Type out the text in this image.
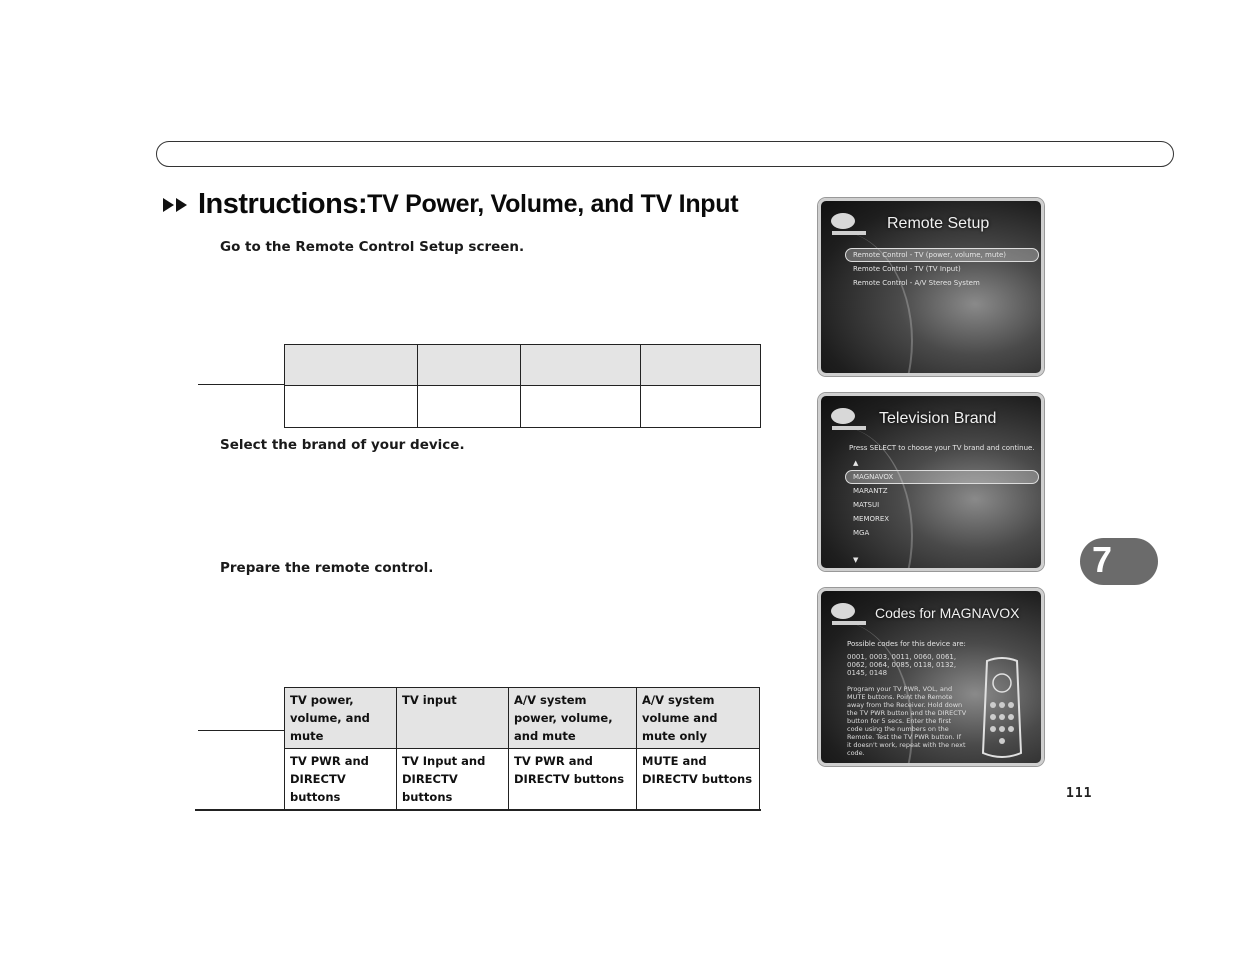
Instructions: TV Power, Volume, and TV Input
Go to the Remote Control Setup screen.

Select the brand of your device.
Prepare the remote control.
TV power, volume, and mute	TV input	A/V system power, volume, and mute	A/V system volume and mute only
TV PWR and DIRECTV buttons	TV Input and DIRECTV buttons	TV PWR and DIRECTV buttons	MUTE and DIRECTV buttons
Remote Setup
Remote Control - TV (power, volume, mute)
Remote Control - TV (TV Input)
Remote Control - A/V Stereo System
Television Brand
Press SELECT to choose your TV brand and continue.
▲
MAGNAVOX
MARANTZ
MATSUI
MEMOREX
MGA
▼
Codes for MAGNAVOX
Possible codes for this device are:
0001, 0003, 0011, 0060, 0061, 0062, 0064, 0085, 0118, 0132, 0145, 0148
Program your TV PWR, VOL, and MUTE buttons. Point the Remote away from the Receiver. Hold down the TV PWR button and the DIRECTV button for 5 secs. Enter the first code using the numbers on the Remote. Test the TV PWR button. If it doesn't work, repeat with the next code.
7
111
